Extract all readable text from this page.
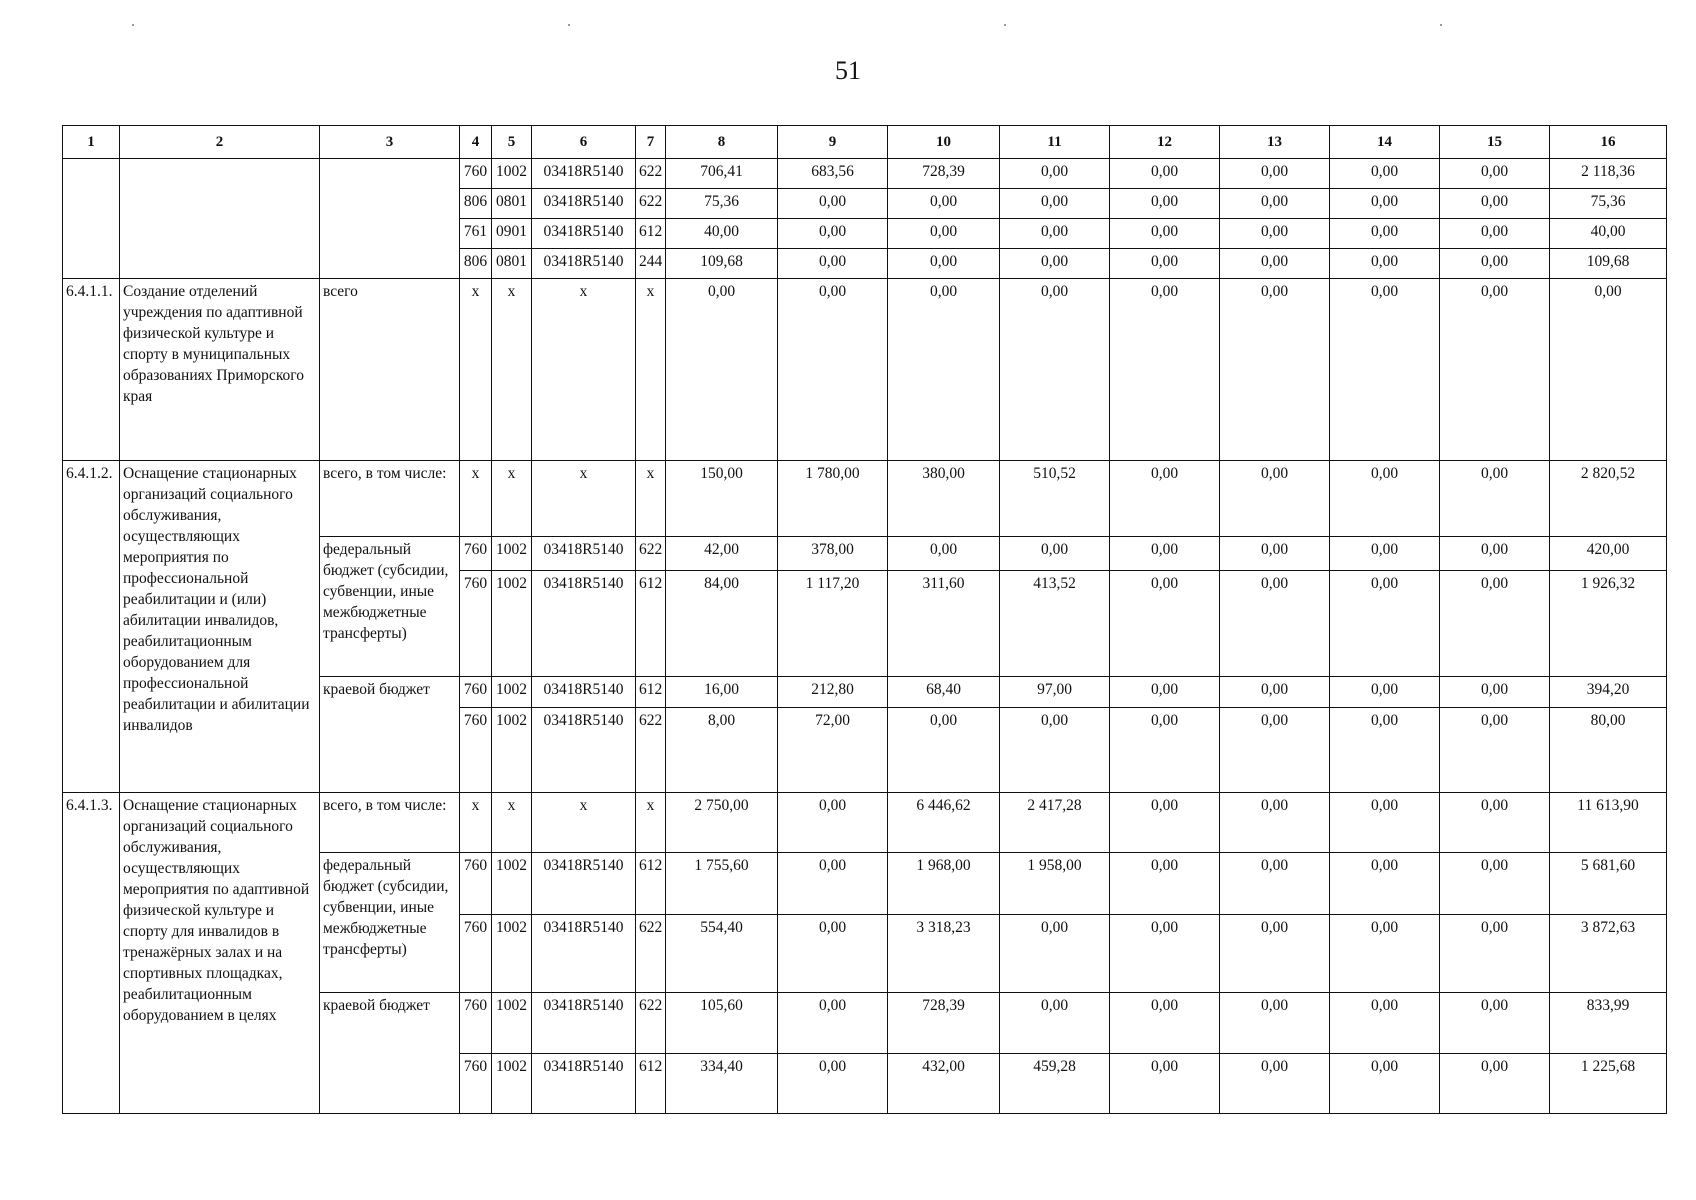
51
1	2	3	4	5	6	7	8	9	10	11	12	13	14	15	16
			760	1002	03418R5140	622	706,41	683,56	728,39	0,00	0,00	0,00	0,00	0,00	2 118,36
			806	0801	03418R5140	622	75,36	0,00	0,00	0,00	0,00	0,00	0,00	0,00	75,36
			761	0901	03418R5140	612	40,00	0,00	0,00	0,00	0,00	0,00	0,00	0,00	40,00
			806	0801	03418R5140	244	109,68	0,00	0,00	0,00	0,00	0,00	0,00	0,00	109,68
6.4.1.1.	Создание отделений учреждения по адаптивной физической культуре и спорту в муниципальных образованиях Приморского края	всего	x	x	x	x	0,00	0,00	0,00	0,00	0,00	0,00	0,00	0,00	0,00
6.4.1.2.	Оснащение стационарных организаций социального обслуживания, осуществляющих мероприятия по профессиональной реабилитации и (или) абилитации инвалидов, реабилитационным оборудованием для профессиональной реабилитации и абилитации инвалидов	всего, в том числе:	x	x	x	x	150,00	1 780,00	380,00	510,52	0,00	0,00	0,00	0,00	2 820,52
		федеральный бюджет (субсидии, субвенции, иные межбюджетные трансферты)	760	1002	03418R5140	622	42,00	378,00	0,00	0,00	0,00	0,00	0,00	0,00	420,00
			760	1002	03418R5140	612	84,00	1 117,20	311,60	413,52	0,00	0,00	0,00	0,00	1 926,32
		краевой бюджет	760	1002	03418R5140	612	16,00	212,80	68,40	97,00	0,00	0,00	0,00	0,00	394,20
			760	1002	03418R5140	622	8,00	72,00	0,00	0,00	0,00	0,00	0,00	0,00	80,00
6.4.1.3.	Оснащение стационарных организаций социального обслуживания, осуществляющих мероприятия по адаптивной физической культуре и спорту для инвалидов в тренажёрных залах и на спортивных площадках, реабилитационным оборудованием в целях	всего, в том числе:	x	x	x	x	2 750,00	0,00	6 446,62	2 417,28	0,00	0,00	0,00	0,00	11 613,90
		федеральный бюджет (субсидии, субвенции, иные межбюджетные трансферты)	760	1002	03418R5140	612	1 755,60	0,00	1 968,00	1 958,00	0,00	0,00	0,00	0,00	5 681,60
			760	1002	03418R5140	622	554,40	0,00	3 318,23	0,00	0,00	0,00	0,00	0,00	3 872,63
		краевой бюджет	760	1002	03418R5140	622	105,60	0,00	728,39	0,00	0,00	0,00	0,00	0,00	833,99
			760	1002	03418R5140	612	334,40	0,00	432,00	459,28	0,00	0,00	0,00	0,00	1 225,68
